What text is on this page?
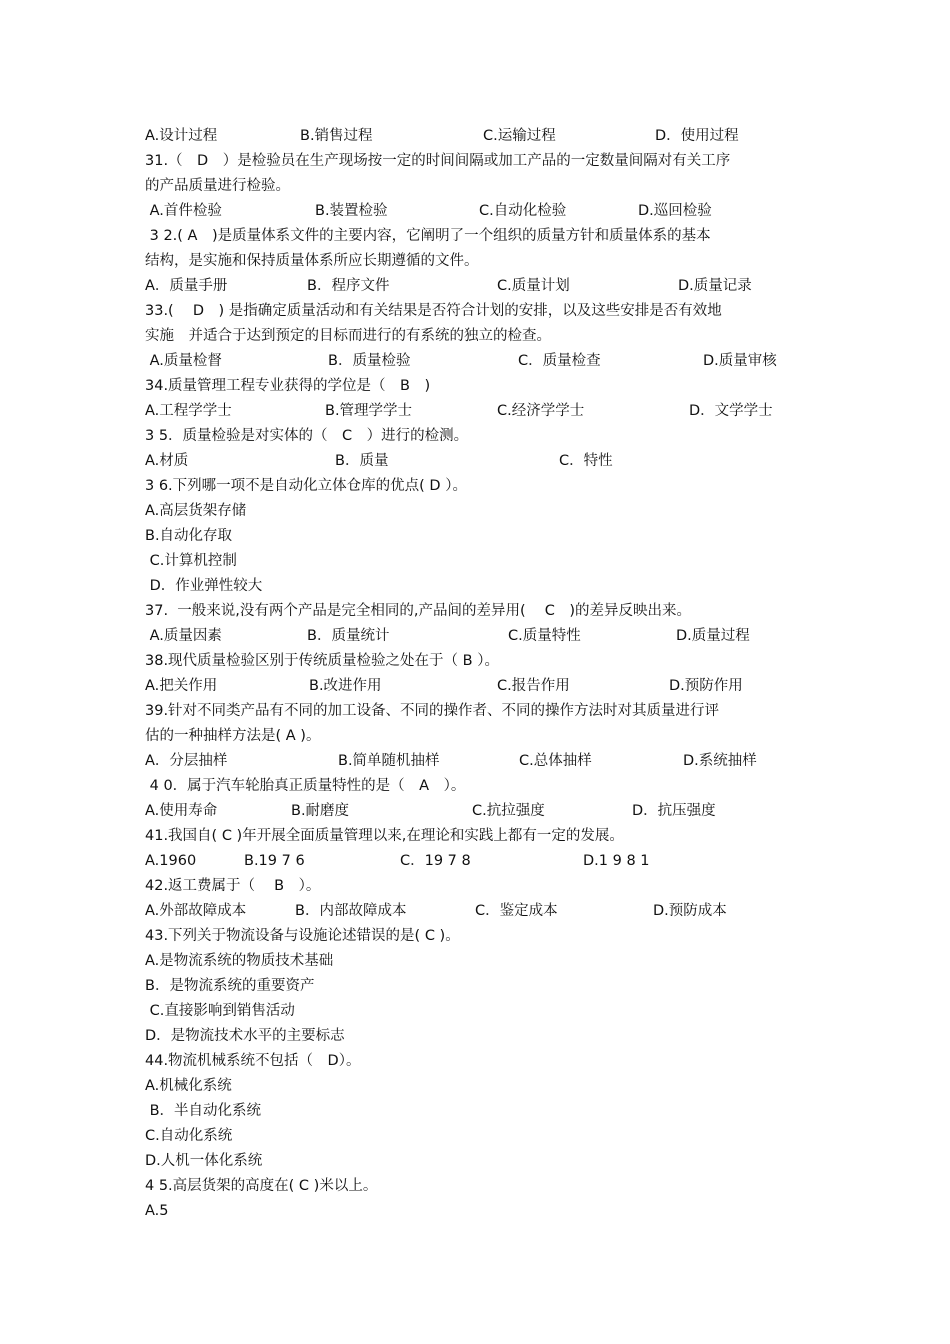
A.设计过程	B.销售过程	C.运输过程	D．使用过程
31.（　D　）是检验员在生产现场按一定的时间间隔或加工产品的一定数量间隔对有关工序
的产品质量进行检验。
A.首件检验	B.装置检验	C.自动化检验	D.巡回检验
3 2.( A　)是质量体系文件的主要内容，它阐明了一个组织的质量方针和质量体系的基本
结构，是实施和保持质量体系所应长期遵循的文件。
A．质量手册	B．程序文件	C.质量计划	D.质量记录
33.(　 D　) 是指确定质量活动和有关结果是否符合计划的安排，以及这些安排是否有效地
实施　并适合于达到预定的目标而进行的有系统的独立的检查。
A.质量检督	B．质量检验	C．质量检查	D.质量审核
34.质量管理工程专业获得的学位是（　B　)
A.工程学学士	B.管理学学士	C.经济学学士	D．文学学士
3 5．质量检验是对实体的（　C　）进行的检测。
A.材质	B．质量	C．特性
3 6.下列哪一项不是自动化立体仓库的优点( D ）。
A.高层货架存储
B.自动化存取
C.计算机控制
D．作业弹性较大
37.  一般来说,没有两个产品是完全相同的,产品间的差异用(　 C　)的差异反映出来。
A.质量因素	B．质量统计	C.质量特性	D.质量过程
38.现代质量检验区别于传统质量检验之处在于（ B ）。
A.把关作用	B.改进作用	C.报告作用	D.预防作用
39.针对不同类产品有不同的加工设备、不同的操作者、不同的操作方法时对其质量进行评
估的一种抽样方法是( A )。
A．分层抽样	B.简单随机抽样	C.总体抽样	D.系统抽样
4 0．属于汽车轮胎真正质量特性的是（　A　）。
A.使用寿命	B.耐磨度	C.抗拉强度	D．抗压强度
41.我国自( C )年开展全面质量管理以来,在理论和实践上都有一定的发展。
A.1960	B.19 7 6	C．19 7 8	D.1 9 8 1
42.返工费属于（　 B　）。
A.外部故障成本	B．内部故障成本	C．鉴定成本	D.预防成本
43.下列关于物流设备与设施论述错误的是( C )。
A.是物流系统的物质技术基础
B．是物流系统的重要资产
C.直接影响到销售活动
D．是物流技术水平的主要标志
44.物流机械系统不包括（　D）。
A.机械化系统
B．半自动化系统
C.自动化系统
D.人机一体化系统
4 5.高层货架的高度在( C )米以上。
A.5
